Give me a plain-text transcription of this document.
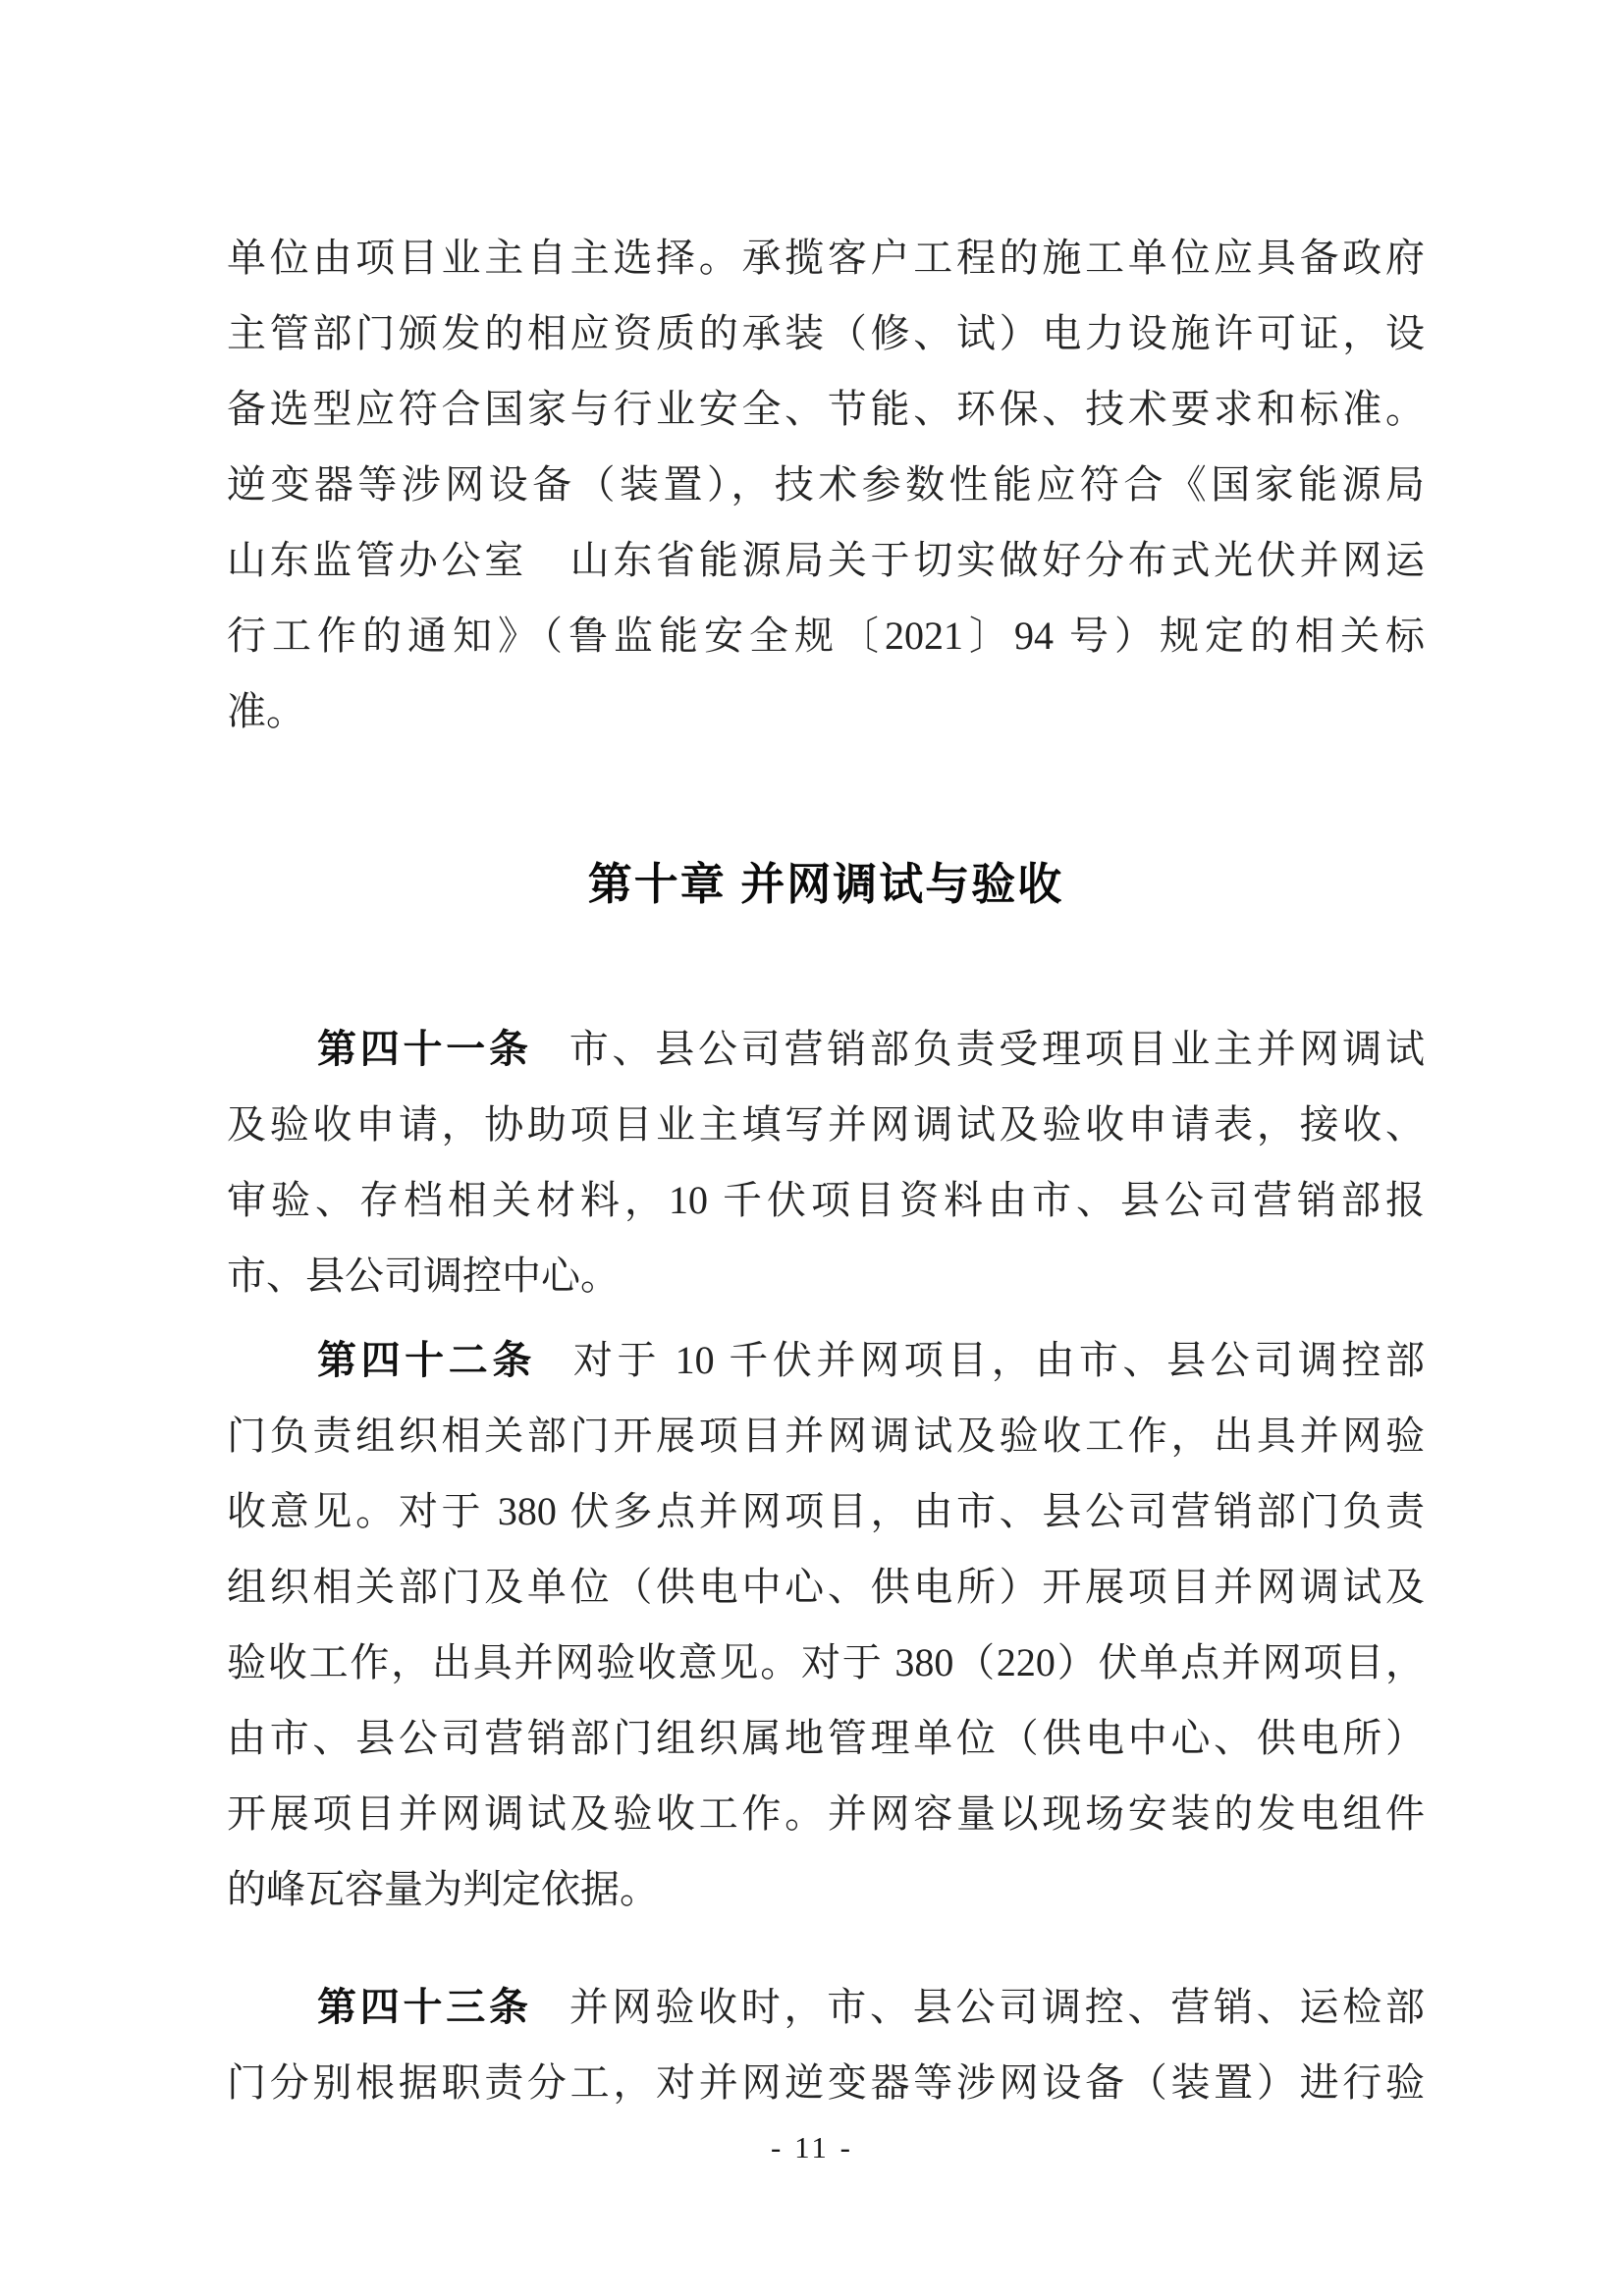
单位由项目业主自主选择。承揽客户工程的施工单位应具备政府
主管部门颁发的相应资质的承装（修、试）电力设施许可证，设
备选型应符合国家与行业安全、节能、环保、技术要求和标准。
逆变器等涉网设备（装置），技术参数性能应符合《国家能源局
山东监管办公室　山东省能源局关于切实做好分布式光伏并网运
行工作的通知》（鲁监能安全规〔2021〕94 号）规定的相关标
准。
第十章 并网调试与验收
第四十一条 市、县公司营销部负责受理项目业主并网调试
及验收申请，协助项目业主填写并网调试及验收申请表，接收、
审验、存档相关材料，10 千伏项目资料由市、县公司营销部报
市、县公司调控中心。
第四十二条 对于 10 千伏并网项目，由市、县公司调控部
门负责组织相关部门开展项目并网调试及验收工作，出具并网验
收意见。对于 380 伏多点并网项目，由市、县公司营销部门负责
组织相关部门及单位（供电中心、供电所）开展项目并网调试及
验收工作，出具并网验收意见。对于 380（220）伏单点并网项目，
由市、县公司营销部门组织属地管理单位（供电中心、供电所）
开展项目并网调试及验收工作。并网容量以现场安装的发电组件
的峰瓦容量为判定依据。
第四十三条 并网验收时，市、县公司调控、营销、运检部
门分别根据职责分工，对并网逆变器等涉网设备（装置）进行验
- 11 -
